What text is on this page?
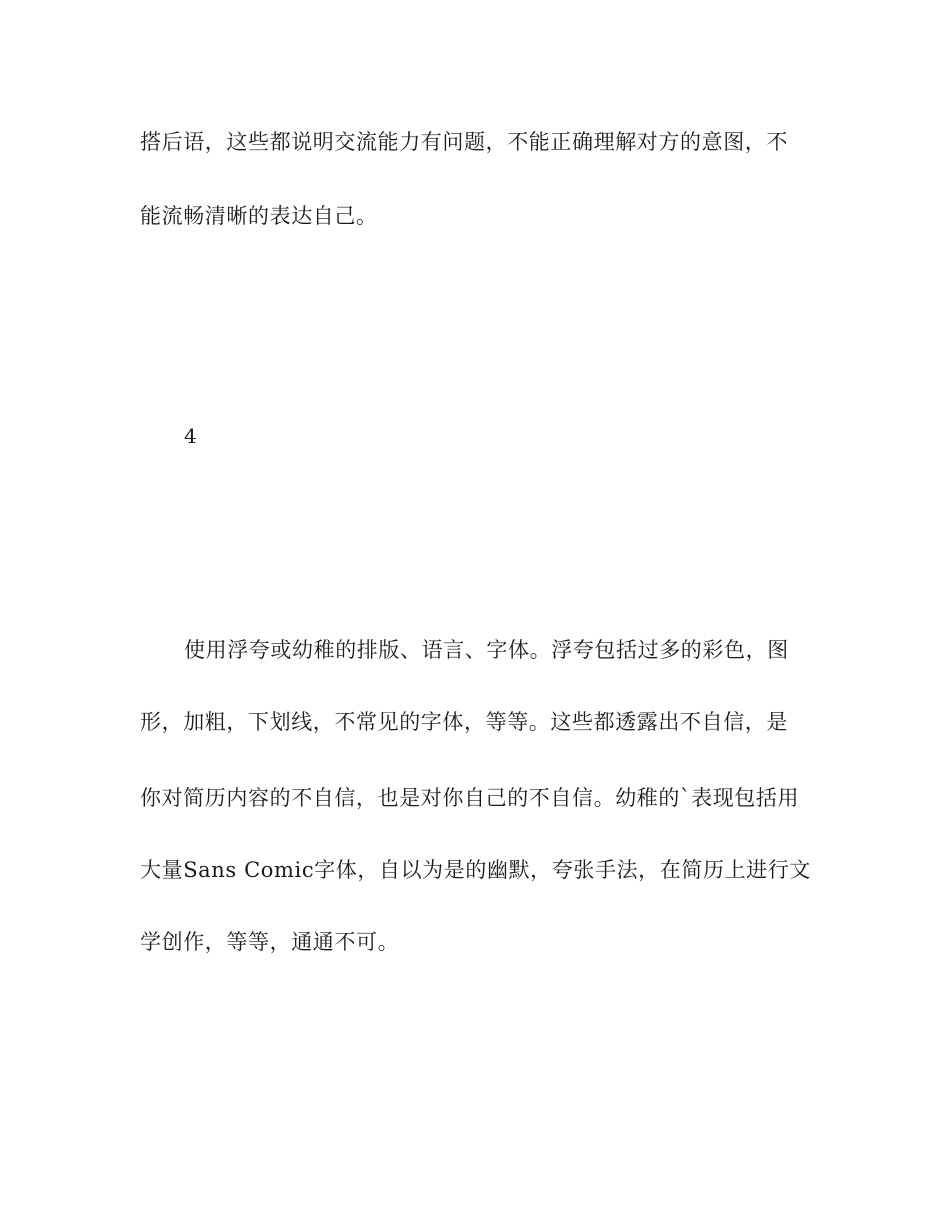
搭后语，这些都说明交流能力有问题，不能正确理解对方的意图，不
能流畅清晰的表达自己。
4
使用浮夸或幼稚的排版、语言、字体。浮夸包括过多的彩色，图
形，加粗，下划线，不常见的字体，等等。这些都透露出不自信，是
你对简历内容的不自信，也是对你自己的不自信。幼稚的`表现包括用
大量Sans Comic字体，自以为是的幽默，夸张手法，在简历上进行文
学创作，等等，通通不可。
